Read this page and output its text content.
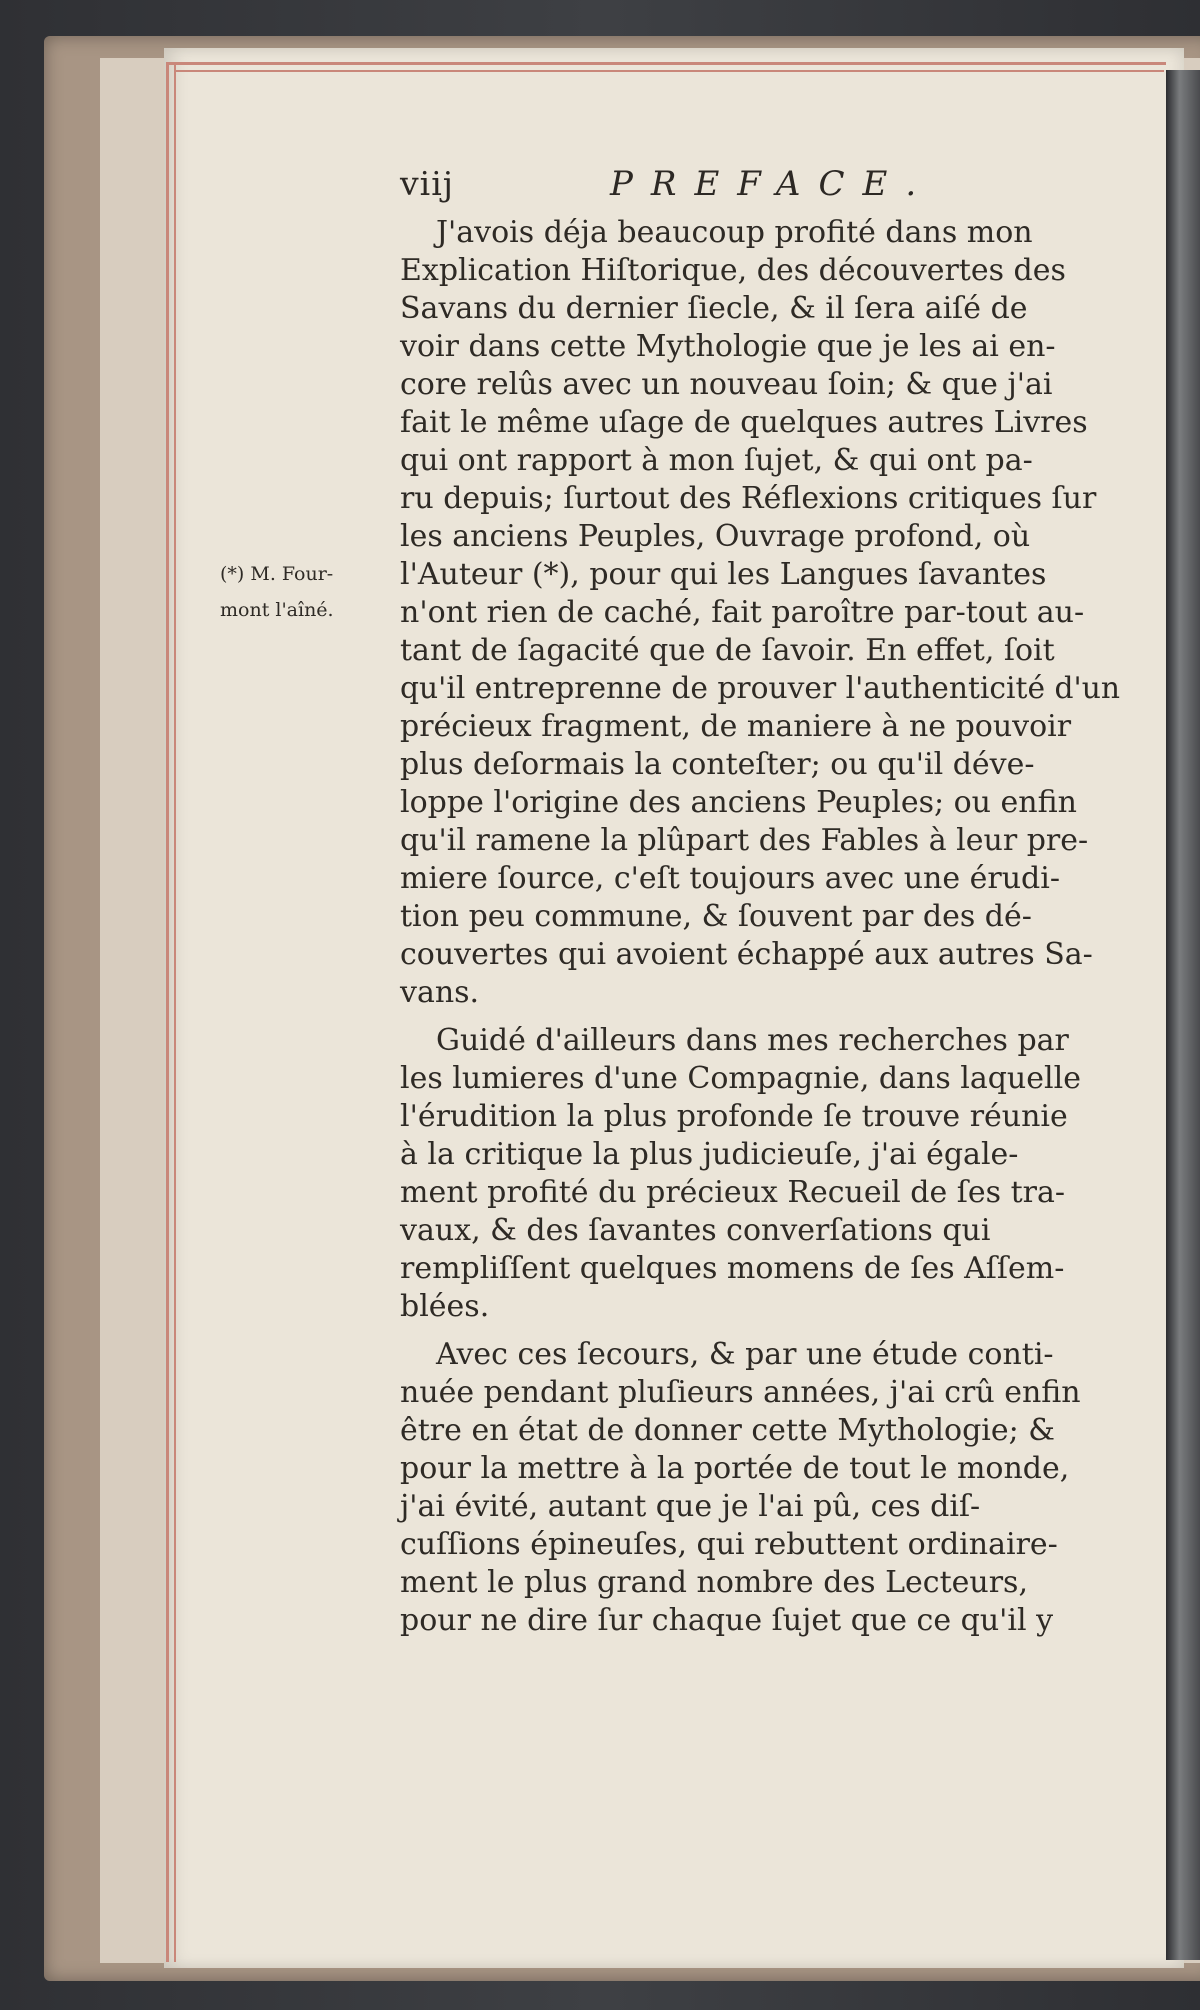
viij	PREFACE.
(*) M. Four-
mont l'aîné.
J'avois déja beaucoup profité dans mon
Explication Hiſtorique, des découvertes des
Savans du dernier ſiecle, & il ſera aiſé de
voir dans cette Mythologie que je les ai en-
core relûs avec un nouveau ſoin; & que j'ai
fait le même uſage de quelques autres Livres
qui ont rapport à mon ſujet, & qui ont pa-
ru depuis; ſurtout des Réflexions critiques ſur
les anciens Peuples, Ouvrage profond, où
l'Auteur (*), pour qui les Langues ſavantes
n'ont rien de caché, fait paroître par-tout au-
tant de ſagacité que de ſavoir. En effet, ſoit
qu'il entreprenne de prouver l'authenticité d'un
précieux fragment, de maniere à ne pouvoir
plus deſormais la conteſter; ou qu'il déve-
loppe l'origine des anciens Peuples; ou enfin
qu'il ramene la plûpart des Fables à leur pre-
miere ſource, c'eſt toujours avec une érudi-
tion peu commune, & ſouvent par des dé-
couvertes qui avoient échappé aux autres Sa-
vans.
Guidé d'ailleurs dans mes recherches par
les lumieres d'une Compagnie, dans laquelle
l'érudition la plus profonde ſe trouve réunie
à la critique la plus judicieuſe, j'ai égale-
ment profité du précieux Recueil de ſes tra-
vaux, & des ſavantes converſations qui
rempliſſent quelques momens de ſes Aſſem-
blées.
Avec ces ſecours, & par une étude conti-
nuée pendant pluſieurs années, j'ai crû enfin
être en état de donner cette Mythologie; &
pour la mettre à la portée de tout le monde,
j'ai évité, autant que je l'ai pû, ces diſ-
cuſſions épineuſes, qui rebuttent ordinaire-
ment le plus grand nombre des Lecteurs,
pour ne dire ſur chaque ſujet que ce qu'il y
